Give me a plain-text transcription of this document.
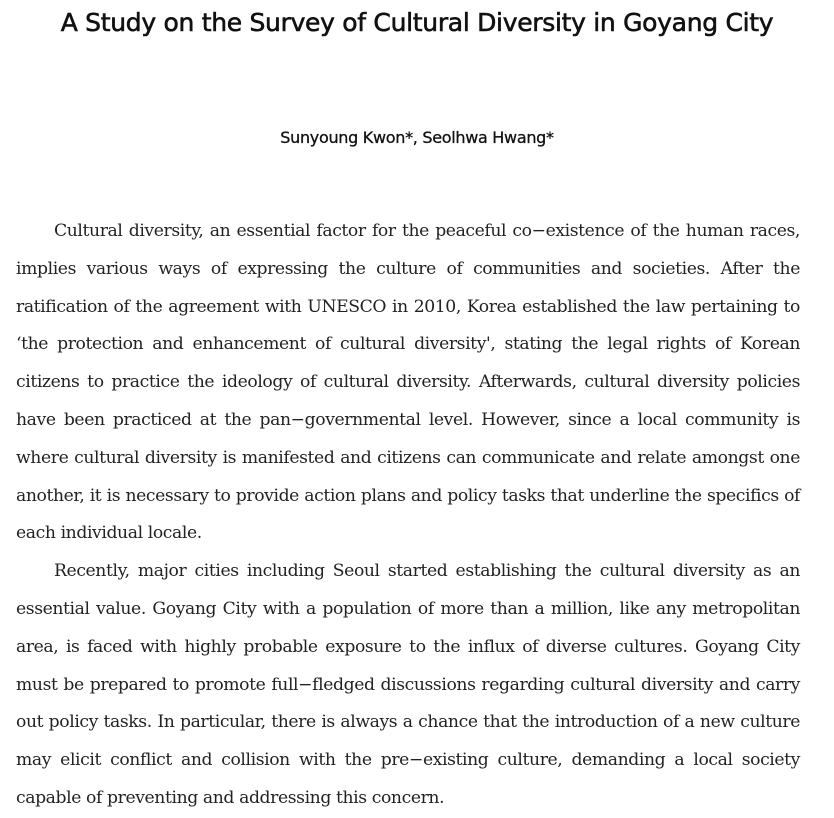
A Study on the Survey of Cultural Diversity in Goyang City
Sunyoung Kwon*, Seolhwa Hwang*

Cultural diversity, an essential factor for the peaceful co−existence of the human races, implies various ways of expressing the culture of communities and societies. After the ratification of the agreement with UNESCO in 2010, Korea established the law pertaining to ‘the protection and enhancement of cultural diversity', stating the legal rights of Korean citizens to practice the ideology of cultural diversity. Afterwards, cultural diversity policies have been practiced at the pan−governmental level. However, since a local community is where cultural diversity is manifested and citizens can communicate and relate amongst one another, it is necessary to provide action plans and policy tasks that underline the specifics of each individual locale.

Recently, major cities including Seoul started establishing the cultural diversity as an essential value. Goyang City with a population of more than a million, like any metropolitan area, is faced with highly probable exposure to the influx of diverse cultures. Goyang City must be prepared to promote full−fledged discussions regarding cultural diversity and carry out policy tasks. In particular, there is always a chance that the introduction of a new culture may elicit conflict and collision with the pre−existing culture, demanding a local society capable of preventing and addressing this concern.
